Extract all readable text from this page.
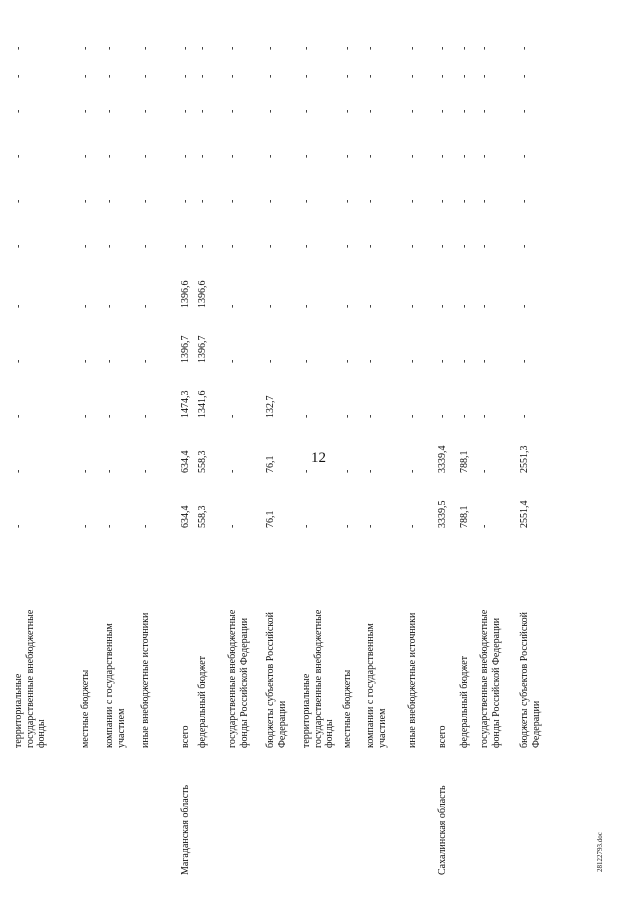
12
28122793.doc
территориальные государственные внебюджетные фонды
-
-
-
-
-
-
-
-
-
-
-
местные бюджеты
-
-
-
-
-
-
-
-
-
-
-
компании с государственным участием
-
-
-
-
-
-
-
-
-
-
-
иные внебюджетные источники
-
-
-
-
-
-
-
-
-
-
-
Магаданская область
всего
634,4
634,4
1474,3
1396,7
1396,6
-
-
-
-
-
-
федеральный бюджет
558,3
558,3
1341,6
1396,7
1396,6
-
-
-
-
-
-
государственные внебюджетные фонды Российской Федерации
-
-
-
-
-
-
-
-
-
-
-
бюджеты субъектов Российской Федерации
76,1
76,1
132,7
-
-
-
-
-
-
-
-
территориальные государственные внебюджетные фонды
-
-
-
-
-
-
-
-
-
-
-
местные бюджеты
-
-
-
-
-
-
-
-
-
-
-
компании с государственным участием
-
-
-
-
-
-
-
-
-
-
-
иные внебюджетные источники
-
-
-
-
-
-
-
-
-
-
-
Сахалинская область
всего
3339,5
3339,4
-
-
-
-
-
-
-
-
-
федеральный бюджет
788,1
788,1
-
-
-
-
-
-
-
-
-
государственные внебюджетные фонды Российской Федерации
-
-
-
-
-
-
-
-
-
-
-
бюджеты субъектов Российской Федерации
2551,4
2551,3
-
-
-
-
-
-
-
-
-
